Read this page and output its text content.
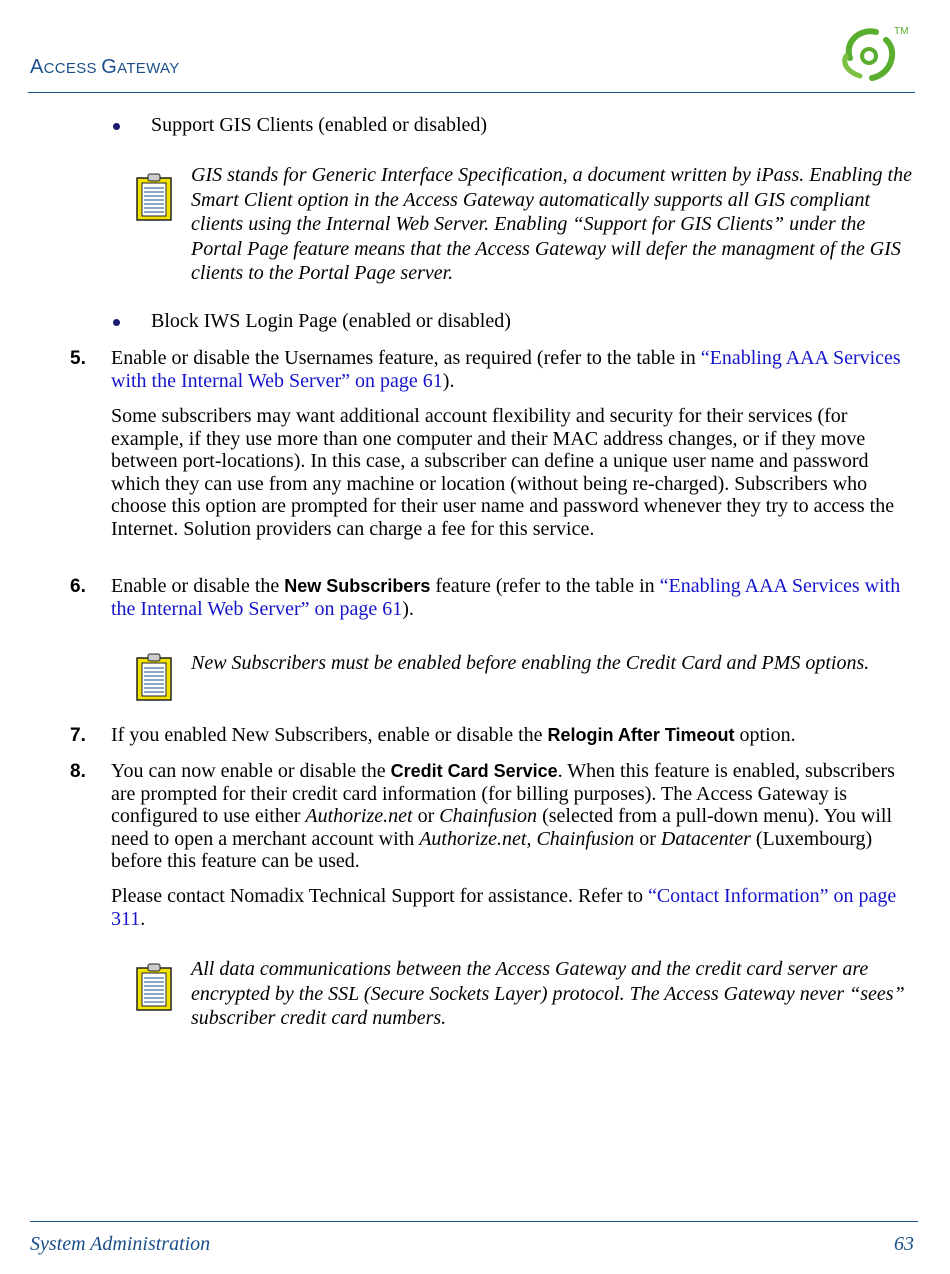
ACCESS GATEWAY
TM
Support GIS Clients (enabled or disabled)
GIS stands for Generic Interface Specification, a document written by iPass. Enabling the Smart Client option in the Access Gateway automatically supports all GIS compliant clients using the Internal Web Server. Enabling “Support for GIS Clients” under the Portal Page feature means that the Access Gateway will defer the managment of the GIS clients to the Portal Page server.
Block IWS Login Page (enabled or disabled)
5. Enable or disable the Usernames feature, as required (refer to the table in “Enabling AAA Services with the Internal Web Server” on page 61).
Some subscribers may want additional account flexibility and security for their services (for example, if they use more than one computer and their MAC address changes, or if they move between port-locations). In this case, a subscriber can define a unique user name and password which they can use from any machine or location (without being re-charged). Subscribers who choose this option are prompted for their user name and password whenever they try to access the Internet. Solution providers can charge a fee for this service.
6. Enable or disable the New Subscribers feature (refer to the table in “Enabling AAA Services with the Internal Web Server” on page 61).
New Subscribers must be enabled before enabling the Credit Card and PMS options.
7. If you enabled New Subscribers, enable or disable the Relogin After Timeout option.
8. You can now enable or disable the Credit Card Service. When this feature is enabled, subscribers are prompted for their credit card information (for billing purposes). The Access Gateway is configured to use either Authorize.net or Chainfusion (selected from a pull-down menu). You will need to open a merchant account with Authorize.net, Chainfusion or Datacenter (Luxembourg) before this feature can be used.
Please contact Nomadix Technical Support for assistance. Refer to “Contact Information” on page 311.
All data communications between the Access Gateway and the credit card server are encrypted by the SSL (Secure Sockets Layer) protocol. The Access Gateway never “sees” subscriber credit card numbers.
System Administration	63
